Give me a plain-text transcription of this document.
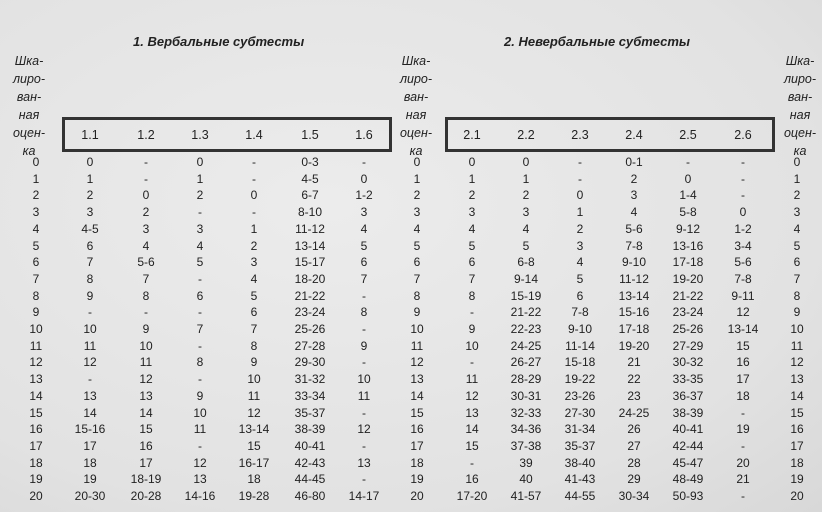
1. Вербальные субтесты	2. Невербальные субтесты
Шка-
лиро-
ван-
ная
оцен-
ка
Шка-
лиро-
ван-
ная
оцен-
ка
Шка-
лиро-
ван-
ная
оцен-
ка
1.1	1.2	1.3	1.4	1.5	1.6	2.1	2.2	2.3	2.4	2.5	2.6
0	0	-	0	-	0-3	-	0	0	0	-	0-1	-	-	0
1	1	-	1	-	4-5	0	1	1	1	-	2	0	-	1
2	2	0	2	0	6-7	1-2	2	2	2	0	3	1-4	-	2
3	3	2	-	-	8-10	3	3	3	3	1	4	5-8	0	3
4	4-5	3	3	1	11-12	4	4	4	4	2	5-6	9-12	1-2	4
5	6	4	4	2	13-14	5	5	5	5	3	7-8	13-16	3-4	5
6	7	5-6	5	3	15-17	6	6	6	6-8	4	9-10	17-18	5-6	6
7	8	7	-	4	18-20	7	7	7	9-14	5	11-12	19-20	7-8	7
8	9	8	6	5	21-22	-	8	8	15-19	6	13-14	21-22	9-11	8
9	-	-	-	6	23-24	8	9	-	21-22	7-8	15-16	23-24	12	9
10	10	9	7	7	25-26	-	10	9	22-23	9-10	17-18	25-26	13-14	10
11	11	10	-	8	27-28	9	11	10	24-25	11-14	19-20	27-29	15	11
12	12	11	8	9	29-30	-	12	-	26-27	15-18	21	30-32	16	12
13	-	12	-	10	31-32	10	13	11	28-29	19-22	22	33-35	17	13
14	13	13	9	11	33-34	11	14	12	30-31	23-26	23	36-37	18	14
15	14	14	10	12	35-37	-	15	13	32-33	27-30	24-25	38-39	-	15
16	15-16	15	11	13-14	38-39	12	16	14	34-36	31-34	26	40-41	19	16
17	17	16	-	15	40-41	-	17	15	37-38	35-37	27	42-44	-	17
18	18	17	12	16-17	42-43	13	18	-	39	38-40	28	45-47	20	18
19	19	18-19	13	18	44-45	-	19	16	40	41-43	29	48-49	21	19
20	20-30	20-28	14-16	19-28	46-80	14-17	20	17-20	41-57	44-55	30-34	50-93	-	20
